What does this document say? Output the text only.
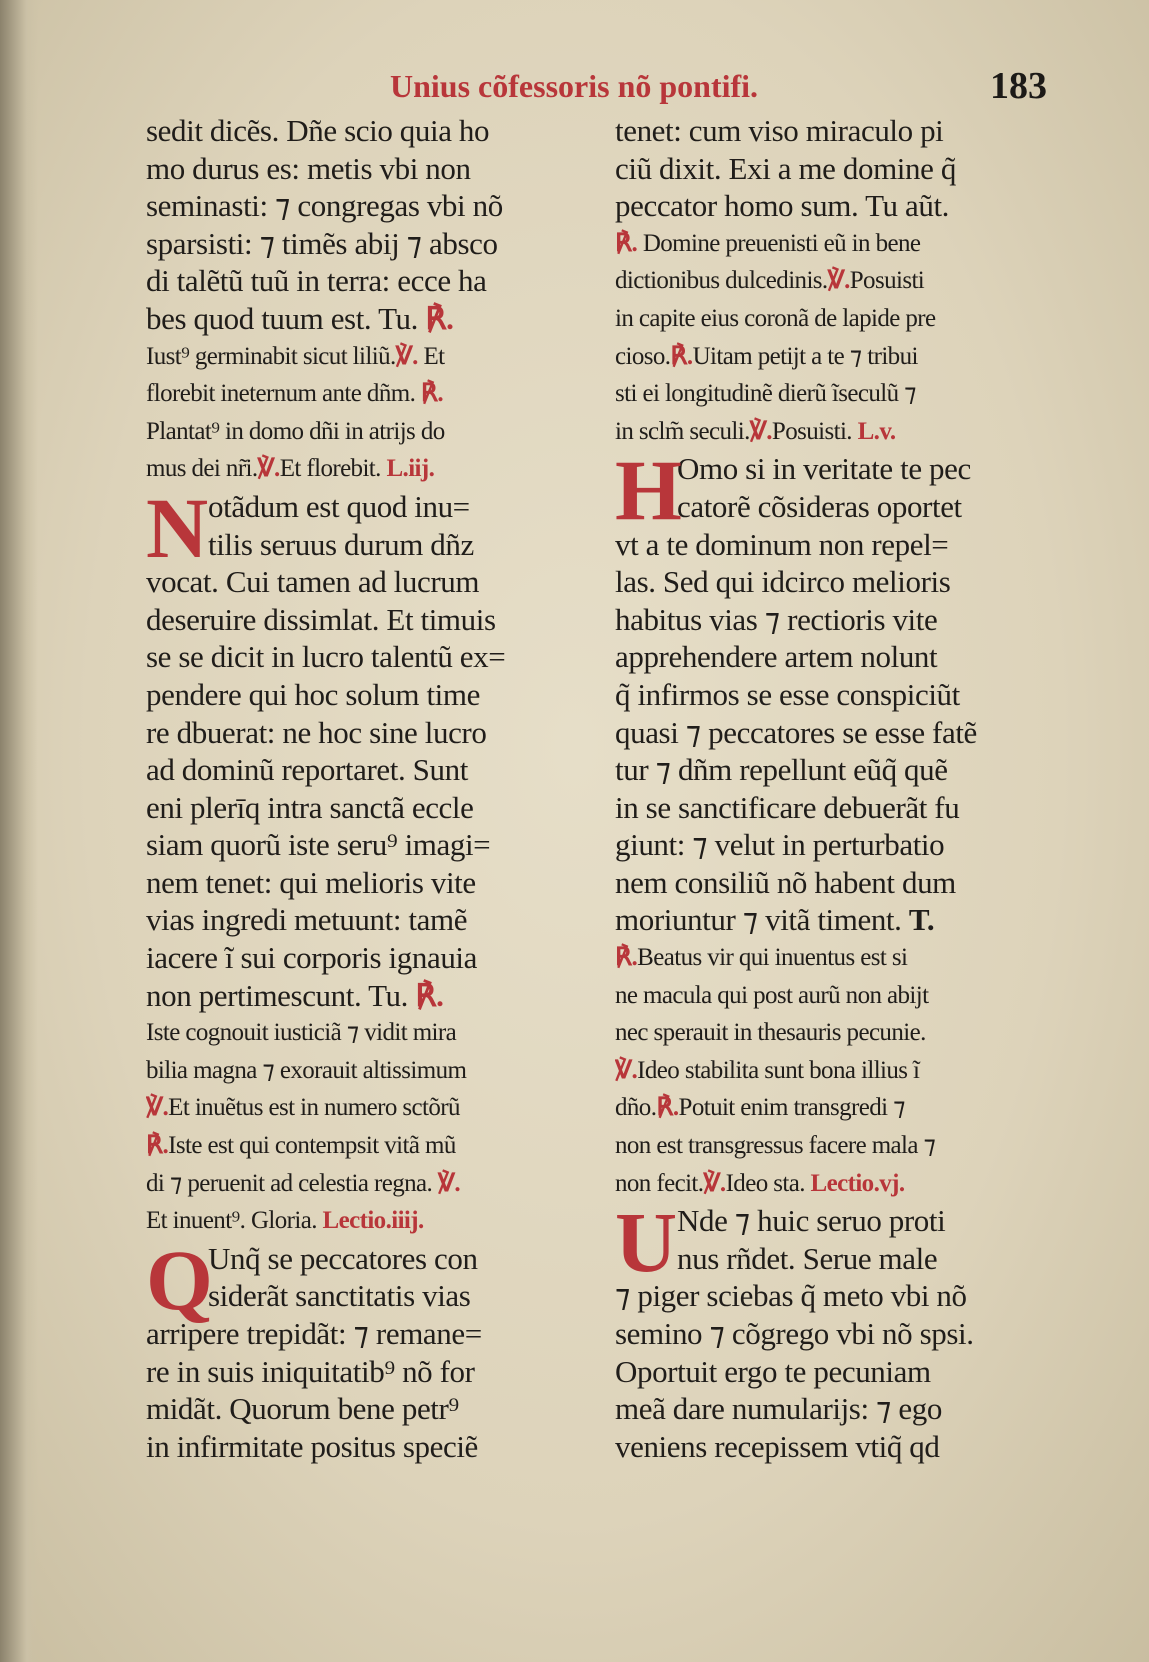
Unius cõfessoris nõ pontifi.	183
sedit dicẽs. Dñe scio quia ho
mo durus es: metis vbi non
seminasti: ⁊ congregas vbi nõ
sparsisti: ⁊ timẽs abij ⁊ absco
di talẽtũ tuũ in terra: ecce ha
bes quod tuum est. Tu. ℟.
Iust⁹ germinabit sicut liliũ.℣. Et
florebit ineternum ante dñm. ℟.
Plantat⁹ in domo dñi in atrijs do
mus dei nr̃i.℣.Et florebit. L.iij.
N otãdum est quod inu=
tilis seruus durum dñz
vocat. Cui tamen ad lucrum
deseruire dissimlat. Et timuis
se se dicit in lucro talentũ ex=
pendere qui hoc solum time
re dbuerat: ne hoc sine lucro
ad dominũ reportaret. Sunt
eni plerīq intra sanctã eccle
siam quorũ iste seru⁹ imagi=
nem tenet: qui melioris vite
vias ingredi metuunt: tamẽ
iacere ĩ sui corporis ignauia
non pertimescunt. Tu. ℟.
Iste cognouit iusticiã ⁊ vidit mira
bilia magna ⁊ exorauit altissimum
℣.Et inuẽtus est in numero sctõrũ
℟.Iste est qui contempsit vitã mũ
di ⁊ peruenit ad celestia regna. ℣.
Et inuent⁹. Gloria. Lectio.iiij.
Q
Unq̃ se peccatores con
siderãt sanctitatis vias
arripere trepidãt: ⁊ remane=
re in suis iniquitatib⁹ nõ for
midãt. Quorum bene petr⁹
in infirmitate positus speciẽ
tenet: cum viso miraculo pi
ciũ dixit. Exi a me domine q̃
peccator homo sum. Tu aũt.
℟. Domine preuenisti eũ in bene
dictionibus dulcedinis.℣.Posuisti
in capite eius coronã de lapide pre
cioso.℟.Uitam petijt a te ⁊ tribui
sti ei longitudinẽ dierũ ĩseculũ ⁊
in sclm̃ seculi.℣.Posuisti. L.v.
H
Omo si in veritate te pec
catorẽ cõsideras oportet
vt a te dominum non repel=
las. Sed qui idcirco melioris
habitus vias ⁊ rectioris vite
apprehendere artem nolunt
q̃ infirmos se esse conspiciũt
quasi ⁊ peccatores se esse fatẽ
tur ⁊ dñm repellunt eũq̃ quẽ
in se sanctificare debuerãt fu
giunt: ⁊ velut in perturbatio
nem consiliũ nõ habent dum
moriuntur ⁊ vitã timent. T.
℟.Beatus vir qui inuentus est si
ne macula qui post aurũ non abijt
nec sperauit in thesauris pecunie.
℣.Ideo stabilita sunt bona illius ĩ
dño.℟.Potuit enim transgredi ⁊
non est transgressus facere mala ⁊
non fecit.℣.Ideo sta. Lectio.vj.
U Nde ⁊ huic seruo proti
nus rñdet. Serue male
⁊ piger sciebas q̃ meto vbi nõ
semino ⁊ cõgrego vbi nõ spsi.
Oportuit ergo te pecuniam
meã dare numularijs: ⁊ ego
veniens recepissem vtiq̃ qd
